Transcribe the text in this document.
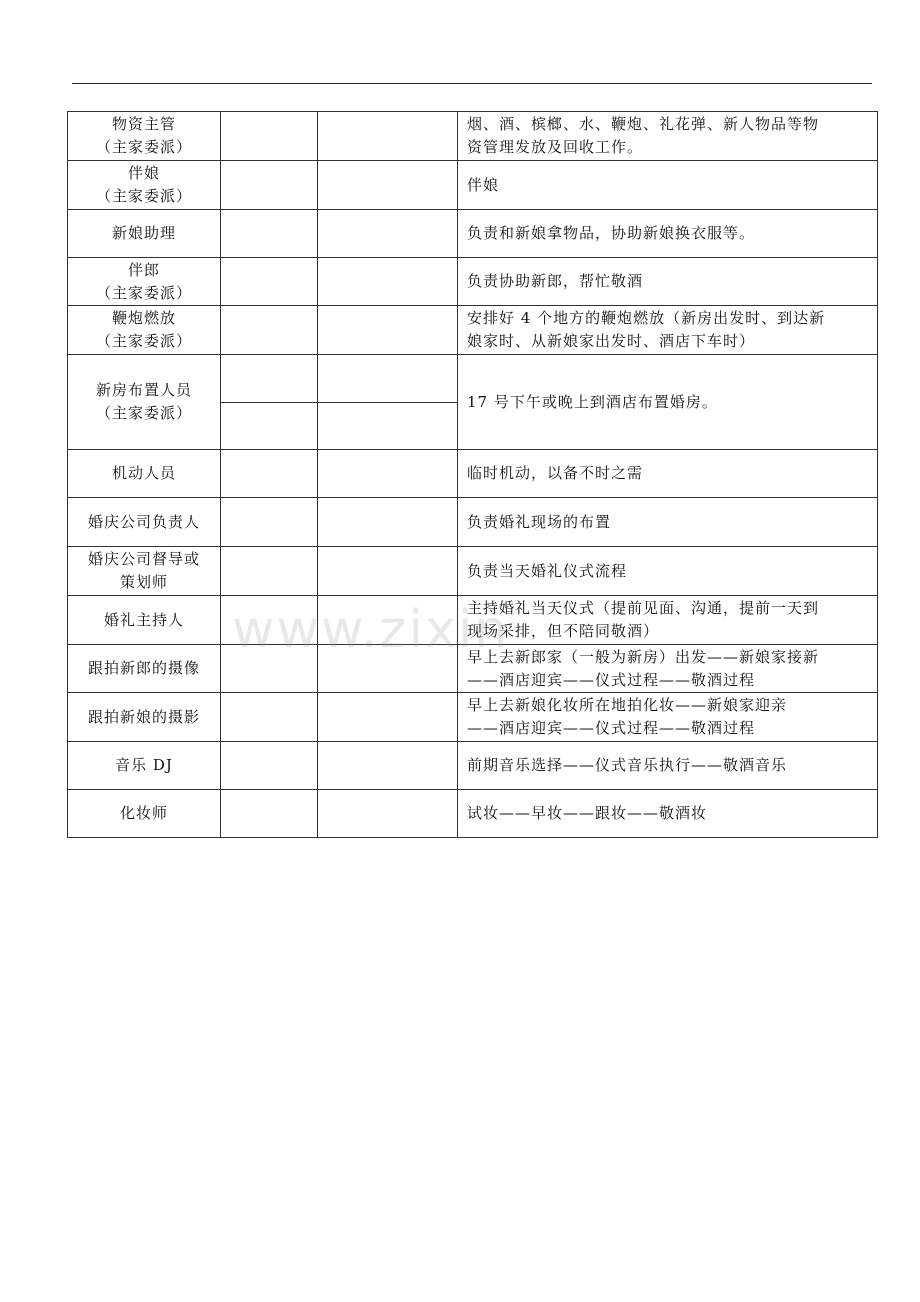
物资主管
（主家委派）			烟、酒、槟榔、水、鞭炮、礼花弹、新人物品等物
资管理发放及回收工作。

伴娘
（主家委派）			伴娘

新娘助理			负责和新娘拿物品，协助新娘换衣服等。

伴郎
（主家委派）			负责协助新郎，帮忙敬酒

鞭炮燃放
（主家委派）			安排好 4 个地方的鞭炮燃放（新房出发时、到达新
娘家时、从新娘家出发时、酒店下车时）

新房布置人员
（主家委派）			17 号下午或晚上到酒店布置婚房。

机动人员			临时机动，以备不时之需

婚庆公司负责人			负责婚礼现场的布置

婚庆公司督导或
策划师			负责当天婚礼仪式流程

婚礼主持人			主持婚礼当天仪式（提前见面、沟通，提前一天到
现场采排，但不陪同敬酒）

跟拍新郎的摄像			早上去新郎家（一般为新房）出发——新娘家接新
——酒店迎宾——仪式过程——敬酒过程

跟拍新娘的摄影			早上去新娘化妆所在地拍化妆——新娘家迎亲
——酒店迎宾——仪式过程——敬酒过程

音乐 DJ			前期音乐选择——仪式音乐执行——敬酒音乐

化妆师			试妆——早妆——跟妆——敬酒妆
www.zixin
